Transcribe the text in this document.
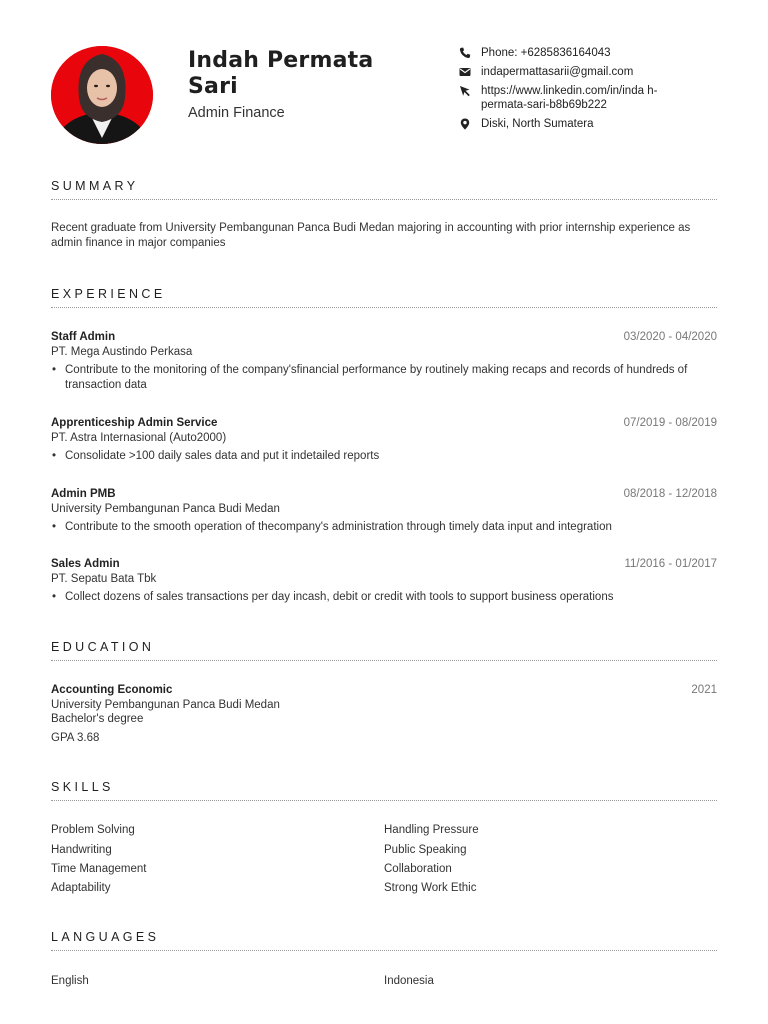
Indah Permata Sari
Admin Finance
Phone: +6285836164043
indapermattasarii@gmail.com
https://www.linkedin.com/in/inda h-permata-sari-b8b69b222
Diski, North Sumatera
SUMMARY
Recent graduate from University Pembangunan Panca Budi Medan majoring in accounting with prior internship experience as admin finance in major companies
EXPERIENCE
Staff Admin	03/2020 - 04/2020
PT. Mega Austindo Perkasa
• Contribute to the monitoring of the company'sfinancial performance by routinely making recaps and records of hundreds of transaction data
Apprenticeship Admin Service	07/2019 - 08/2019
PT. Astra Internasional (Auto2000)
• Consolidate >100 daily sales data and put it indetailed reports
Admin PMB	08/2018 - 12/2018
University Pembangunan Panca Budi Medan
• Contribute to the smooth operation of thecompany's administration through timely data input and integration
Sales Admin	11/2016 - 01/2017
PT. Sepatu Bata Tbk
• Collect dozens of sales transactions per day incash, debit or credit with tools to support business operations
EDUCATION
Accounting Economic	2021
University Pembangunan Panca Budi Medan
Bachelor's degree
GPA 3.68
SKILLS
Problem Solving	Handling Pressure
Handwriting	Public Speaking
Time Management	Collaboration
Adaptability	Strong Work Ethic
LANGUAGES
English	Indonesia
